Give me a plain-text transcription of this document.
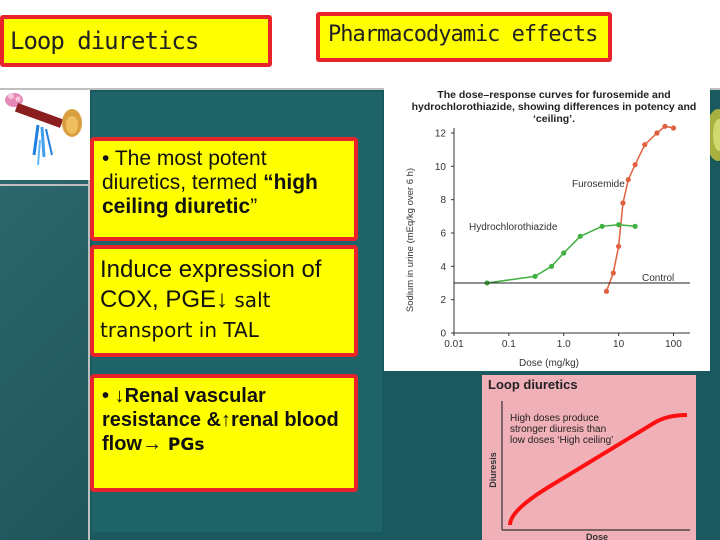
Loop diuretics	Pharmacodyamic effects
• The most potent diuretics, termed “high ceiling diuretic”
Induce expression of COX, PGE↓ salt transport in TAL
• ↓Renal vascular resistance &↑renal blood flow→ PGs
The dose–response curves for furosemide and hydrochlorothiazide, showing differences in potency and ‘ceiling’.
0
2
4
6
8
10
12
0.01	0.1	1.0	10	100
Sodium in urine (mEq/kg over 6 h)
Dose (mg/kg)
Furosemide
Hydrochlorothiazide
Control
Loop diuretics
High doses produce stronger diuresis than low doses ‘High ceiling’
Diuresis
Dose
